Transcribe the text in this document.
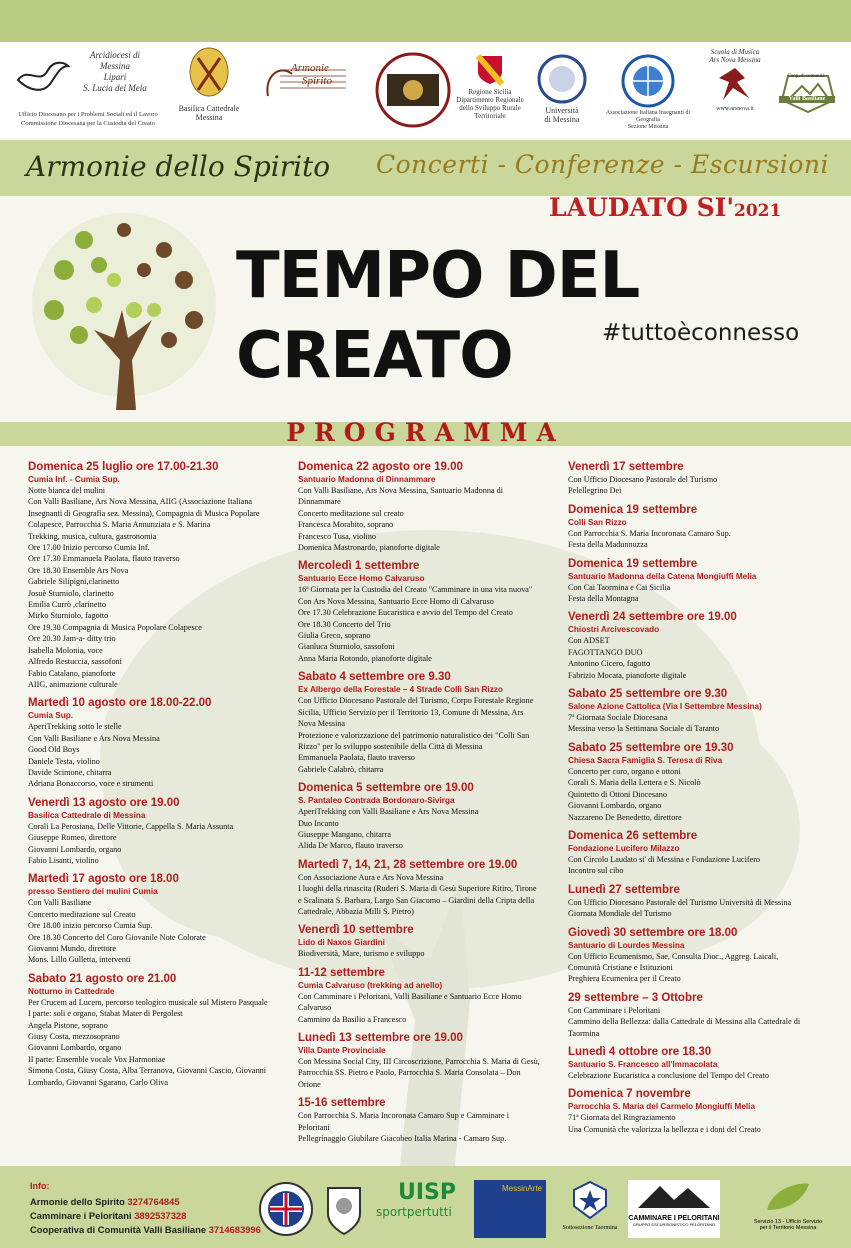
Arcidiocesi di
Messina
Lipari
S. Lucia del Mela
Ufficio Diocesano per i Problemi Sociali ed il Lavoro
Commissione Diocesana per la Custodia del Creato
Basilica Cattedrale
Messina
Armonie
Spirito
Regione Sicilia
Dipartimento Regionale
dello Sviluppo Rurale
Territoriale
Università
di Messina
Associazione Italiana Insegnanti di Geografia
Sezione Messina
Scuola di Musica
Ars Nova Messina
www.arsnova.it
Coop. di comunità
Valli Basiliane
Armonie dello Spirito Concerti - Conferenze - Escursioni
LAUDATO SI'2021
TEMPO DEL
CREATO	#tuttoèconnesso
PROGRAMMA
Domenica 25 luglio ore 17.00-21.30
Cumia Inf. - Cumia Sup.

Notte bianca del mulini

Con Valli Basiliane, Ars Nova Messina, AIIG (Associazione Italiana

Insegnanti di Geografia sez. Messina), Compagnia di Musica Popolare

Colapesce, Parrocchia S. Maria Annunziata e S. Marina

Trekking, musica, cultura, gastronomia

Ore 17.00 Inizio percorso Cumia Inf.

Ore 17.30 Emmanuela Paolata, flauto traverso

Ore 18.30 Ensemble Ars Nova

Gabriele Silipigni,clarinetto

Josuè Sturniolo, clarinetto

Emilia Currò ,clarinetto

Mirko Sturniolo, fagotto

Ore 19.30 Compagnia di Musica Popolare Colapesce

Ore 20.30 Jam-a- ditty trio

Isabella Molonia, voce

Alfredo Restuccia, sassofoni

Fabio Catalano, pianoforte

AIIG, animazione culturale

Martedì 10 agosto ore 18.00-22.00
Cumia Sup.

AperiTrekking sotto le stelle

Con Valli Basiliane e Ars Nova Messina

Good Old Boys

Daniele Testa, violino

Davide Scimone, chitarra

Adriana Bonaccorso, voce e strumenti

Venerdì 13 agosto ore 19.00
Basilica Cattedrale di Messina

Corali La Perosiana, Delle Vittorie, Cappella S. Maria Assunta

Giuseppe Romeo, direttore

Giovanni Lombardo, organo

Fabio Lisanti, violino

Martedì 17 agosto ore 18.00
presso Sentiero dei mulini Cumia

Con Valli Basiliane

Concerto meditazione sul Creato

Ore 18.00 inizio percorso Cumia Sup.

Ore 18.30 Concerto del Coro Giovanile Note Colorate

Giovanni Mundo, direttore

Mons. Lillo Gulletta, interventi

Sabato 21 agosto ore 21.00
Notturno in Cattedrale

Per Crucem ad Lucem, percorso teologico musicale sul Mistero Pasquale

I parte: soli e organo, Stabat Mater di Pergolest

Angela Pistone, soprano

Giusy Costa, mezzosoprano

Giovanni Lombardo, organo

II parte: Ensemble vocale Vox Harmoniae

Simona Costa, Giusy Costa, Alba Terranova, Giovanni Cascio, Giovanni

Lombardo, Giovanni Sgarano, Carlo Oliva

Domenica 22 agosto ore 19.00
Santuario Madonna di Dinnammare

Con Valli Basiliane, Ars Nova Messina, Santuario Madonna di

Dinnammare

Concerto meditazione sul creato

Francesca Morabito, soprano

Francesco Tusa, violino

Domenica Mastronardo, pianoforte digitale

Mercoledì 1 settembre
Santuario Ecce Homo Calvaruso

16ª Giornata per la Custodia del Creato "Camminare in una vita nuova"

Con Ars Nova Messina, Santuario Ecce Homo di Calvaruso

Ore 17.30 Celebrazione Eucaristica e avvio del Tempo del Creato

Ore 18.30 Concerto del Trio

Giulia Greco, soprano

Gianluca Sturniolo, sassofoni

Anna Maria Rotondo, pianoforte digitale

Sabato 4 settembre ore 9.30
Ex Albergo della Forestale – 4 Strade Colli San Rizzo

Con Ufficio Diocesano Pastorale del Turismo, Corpo Forestale Regione

Sicilia, Ufficio Servizio per il Territorio 13, Comune di Messina, Ars

Nova Messina

Protezione e valorizzazione del patrimonio naturalistico dei "Colli San

Rizzo" per lo sviluppo sostenibile della Città di Messina

Emmanuela Paolata, flauto traverso

Gabriele Calabrò, chitarra

Domenica 5 settembre ore 19.00
S. Pantaleo Contrada Bordonaro-Sivirga

AperiTrekking con Valli Basiliane e Ars Nova Messina

Duo Incanto

Giuseppe Mangano, chitarra

Alida De Marco, flauto traverso

Martedì 7, 14, 21, 28 settembre ore 19.00

Con Associazione Aura e Ars Nova Messina

I luoghi della rinascita (Ruderi S. Maria di Gesù Superiore Ritiro, Tirone

e Scalinata S. Barbara, Largo San Giacomo – Giardini della Cripta della

Cattedrale, Abbazia Milli S. Pietro)

Venerdì 10 settembre
Lido di Naxos Giardini

Biodiversità, Mare, turismo e sviluppo

11-12 settembre
Cumia Calvaruso (trekking ad anello)

Con Camminare i Peloritani, Valli Basiliane e Santuario Ecce Homo

Calvaruso

Cammino da Basilio a Francesco

Lunedì 13 settembre ore 19.00
Villa Dante Provinciale

Con Messina Social City, III Circoscrizione, Parrocchia S. Maria di Gesù,

Parrocchia SS. Pietro e Paolo, Parrocchia S. Maria Consolata – Don

Orione

15-16 settembre

Con Parrocchia S. Maria Incoronata Camaro Sup e Camminare i

Peloritani

Pellegrinaggio Giubilare Giacobeo Italia Marina - Camaro Sup.

Venerdì 17 settembre

Con Ufficio Diocesano Pastorale del Turismo

Pelellegrino Dei

Domenica 19 settembre
Colli San Rizzo

Con Parrocchia S. Maria Incoronata Camaro Sup.

Festa della Madunnuzza

Domenica 19 settembre
Santuario Madonna della Catena Mongiuffi Melia

Con Cai Taormina e Cai Sicilia

Festa della Montagna

Venerdì 24 settembre ore 19.00
Chiostri Arcivescovado

Con ADSET

FAGOTTANGO DUO

Antonino Cicero, fagotto

Fabrizio Mocata, pianoforte digitale

Sabato 25 settembre ore 9.30
Salone Azione Cattolica (Via I Settembre Messina)

7ª Giornata Sociale Diocesana

Messina verso la Settimana Sociale di Taranto

Sabato 25 settembre ore 19.30
Chiesa Sacra Famiglia S. Teresa di Riva

Concerto per coro, organo e ottoni

Corali S. Maria della Lettera e S. Nicolò

Quintetto di Ottoni Diocesano

Giovanni Lombardo, organo

Nazzareno De Benedetto, direttore

Domenica 26 settembre
Fondazione Lucifero Milazzo

Con Circolo Laudato si' di Messina e Fondazione Lucifero

Incontro sul cibo

Lunedì 27 settembre

Con Ufficio Diocesano Pastorale del Turismo Università di Messina

Giornata Mondiale del Turismo

Giovedì 30 settembre ore 18.00
Santuario di Lourdes Messina

Con Ufficio Ecumenismo, Sae, Consulta Dioc., Aggreg. Laicali,

Comunità Cristiane e Istituzioni

Preghiera Ecumenica per il Creato

29 settembre – 3 Ottobre

Con Camminare i Peloritani

Cammino della Bellezza: dalla Cattedrale di Messina alla Cattedrale di

Taormina

Lunedì 4 ottobre ore 18.30
Santuario S. Francesco all'Immacolata

Celebrazione Eucaristica a conclusione del Tempo del Creato

Domenica 7 novembre
Parrocchia S. Maria del Carmelo Mongiuffi Melia

71ª Giornata del Ringraziamento

Una Comunità che valorizza la bellezza e i doni del Creato

Info:
Armonie dello Spirito 3274764845
Camminare i Peloritani 3892537328
Cooperativa di Comunità Valli Basiliane 3714683996
UISP
sportpertutti
MessinArte
Sottosezione Taormina
CAMMINARE I PELORITANI
GRUPPO ESCURSIONISTICO PELORITANO	Servizio 13 - Ufficio Servizio per il Territorio Messina
